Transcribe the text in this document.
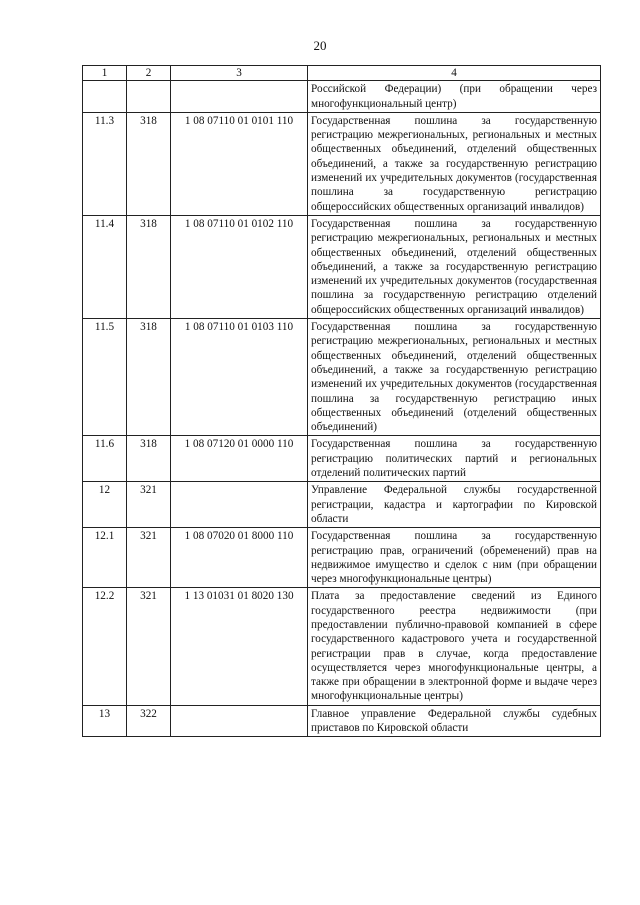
20
1	2	3	4
			Российской Федерации) (при обращении через многофункциональный центр)
11.3	318	1 08 07110 01 0101 110	Государственная пошлина за государственную регистрацию межрегиональных, региональных и местных общественных объединений, отделений общественных объединений, а также за государственную регистрацию изменений их учредительных документов (государственная пошлина за государственную регистрацию общероссийских общественных организаций инвалидов)
11.4	318	1 08 07110 01 0102 110	Государственная пошлина за государственную регистрацию межрегиональных, региональных и местных общественных объединений, отделений общественных объединений, а также за государственную регистрацию изменений их учредительных документов (государственная пошлина за государственную регистрацию отделений общероссийских общественных организаций инвалидов)
11.5	318	1 08 07110 01 0103 110	Государственная пошлина за государственную регистрацию межрегиональных, региональных и местных общественных объединений, отделений общественных объединений, а также за государственную регистрацию изменений их учредительных документов (государственная пошлина за государственную регистрацию иных общественных объединений (отделений общественных объединений)
11.6	318	1 08 07120 01 0000 110	Государственная пошлина за государственную регистрацию политических партий и региональных отделений политических партий
12	321		Управление Федеральной службы государственной регистрации, кадастра и картографии по Кировской области
12.1	321	1 08 07020 01 8000 110	Государственная пошлина за государственную регистрацию прав, ограничений (обременений) прав на недвижимое имущество и сделок с ним (при обращении через многофункциональные центры)
12.2	321	1 13 01031 01 8020 130	Плата за предоставление сведений из Единого государственного реестра недвижимости (при предоставлении публично-правовой компанией в сфере государственного кадастрового учета и государственной регистрации прав в случае, когда предоставление осуществляется через многофункциональные центры, а также при обращении в электронной форме и выдаче через многофункциональные центры)
13	322		Главное управление Федеральной службы судебных приставов по Кировской области
